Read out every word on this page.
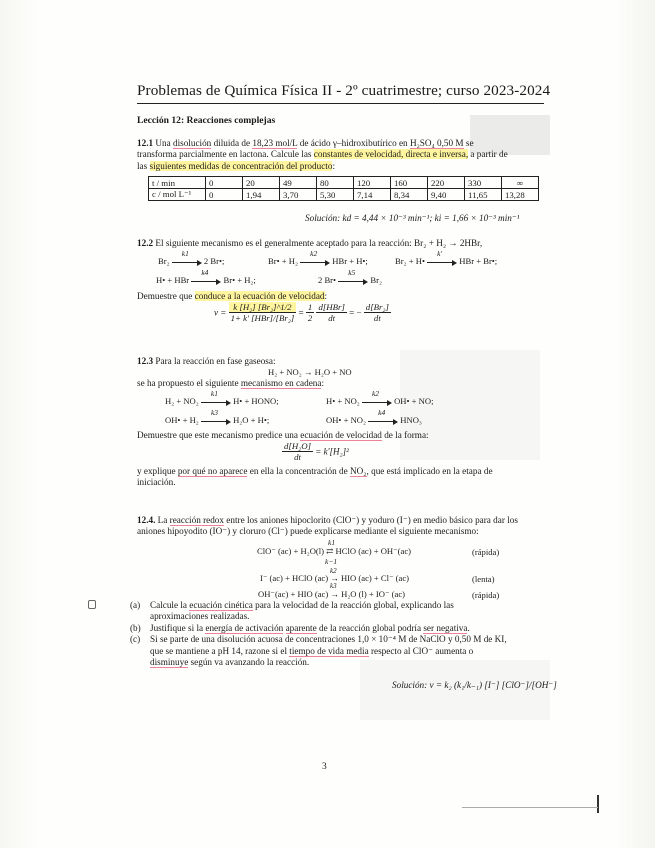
Problemas de Química Física II - 2º cuatrimestre; curso 2023-2024
Lección 12: Reacciones complejas
12.1 Una disolución diluida de 18,23 mol/L de ácido γ–hidroxibutírico en H₂SO₄ 0,50 M se
transforma parcialmente en lactona. Calcule las constantes de velocidad, directa e inversa, a partir de
las siguientes medidas de concentración del producto:
t / min	0	20	49	80	120	160	220	330	∞
c / mol L⁻¹	0	1,94	3,70	5,30	7,14	8,34	9,40	11,65	13,28
Solución: kd = 4,44 × 10⁻³ min⁻¹; ki = 1,66 × 10⁻³ min⁻¹
12.2 El siguiente mecanismo es el generalmente aceptado para la reacción: Br₂ + H₂ → 2HBr,
Br₂
k1
2 Br•;	Br• + H₂
k2
HBr + H•;	Br₂ + H•
k'
HBr + Br•;
H• + HBr
k4
Br• + H₂;	2 Br•
k5
Br₂
Demuestre que conduce a la ecuación de velocidad:
$v = \frac{\text{k [H₂] [Br₂]\textasciicircum{}1/2}}{\text{1+ k' [HBr]/[Br₂]}} = \frac{1}{2}$
$\frac{\text{d[HBr]}}{dt}$ = − $\frac{\text{d[Br₂]}}{dt}$
12.3 Para la reacción en fase gaseosa:
H₂ + NO₂ → H₂O + NO
se ha propuesto el siguiente mecanismo en cadena:
H₂ + NO₂
k1
H• + HONO;	H• + NO₂
k2
OH• + NO;
OH• + H₂
k3
H₂O + H•;	OH• + NO₂
k4
HNO₃
Demuestre que este mecanismo predice una ecuación de velocidad de la forma:
$\frac{\text{d[H₂O]}}{dt} = k'[H_2]^2$
y explique por qué no aparece en ella la concentración de NO₂, que está implicado en la etapa de
iniciación.
12.4. La reacción redox entre los aniones hipoclorito (ClO⁻) y yoduro (I⁻) en medio básico para dar los
aniones hipoyodito (IO⁻) y cloruro (Cl⁻) puede explicarse mediante el siguiente mecanismo:
k1
ClO⁻ (ac) + H₂O(l) ⇄ HClO (ac) + OH⁻(ac)	(rápida)
k−1
k2
I⁻ (ac) + HClO (ac) → HIO (ac) + Cl⁻ (ac)	(lenta)
k3
OH⁻(ac) + HIO (ac) → H₂O (l) + IO⁻ (ac)	(rápida)
(a)	Calcule la ecuación cinética para la velocidad de la reacción global, explicando las
aproximaciones realizadas.
(b)	Justifique si la energía de activación aparente de la reacción global podría ser negativa.
(c)	Si se parte de una disolución acuosa de concentraciones 1,0 × 10⁻⁴ M de NaClO y 0,50 M de KI,
que se mantiene a pH 14, razone si el tiempo de vida media respecto al ClO⁻ aumenta o
disminuye según va avanzando la reacción.
Solución: v = k₂ (k₁/k₋₁) [I⁻] [ClO⁻]/[OH⁻]
3
